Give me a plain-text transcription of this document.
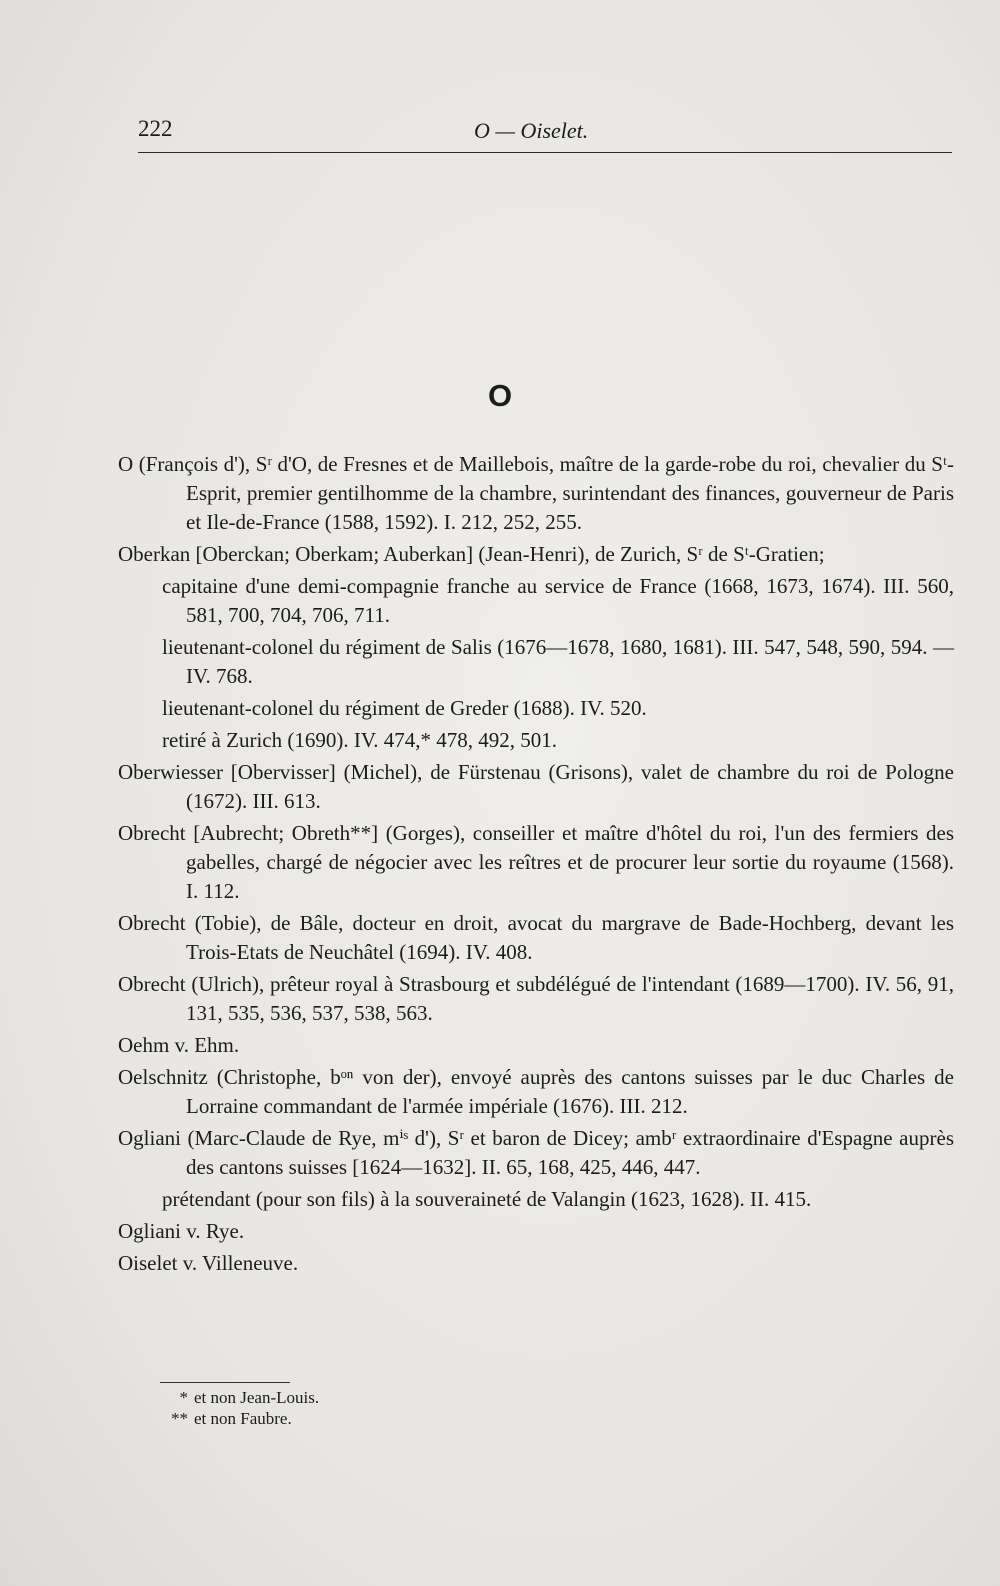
222	O — Oiselet.
O

O (François d'), Sʳ d'O, de Fresnes et de Maillebois, maître de la garde-robe du roi, chevalier du Sᵗ-Esprit, premier gentilhomme de la chambre, surintendant des finances, gouverneur de Paris et Ile-de-France (1588, 1592). I. 212, 252, 255.

Oberkan [Oberckan; Oberkam; Auberkan] (Jean-Henri), de Zurich, Sʳ de Sᵗ-Gratien;

capitaine d'une demi-compagnie franche au service de France (1668, 1673, 1674). III. 560, 581, 700, 704, 706, 711.

lieutenant-colonel du régiment de Salis (1676—1678, 1680, 1681). III. 547, 548, 590, 594. — IV. 768.

lieutenant-colonel du régiment de Greder (1688). IV. 520.

retiré à Zurich (1690). IV. 474,* 478, 492, 501.

Oberwiesser [Obervisser] (Michel), de Fürstenau (Grisons), valet de chambre du roi de Pologne (1672). III. 613.

Obrecht [Aubrecht; Obreth**] (Gorges), conseiller et maître d'hôtel du roi, l'un des fermiers des gabelles, chargé de négocier avec les reîtres et de procurer leur sortie du royaume (1568). I. 112.

Obrecht (Tobie), de Bâle, docteur en droit, avocat du margrave de Bade-Hochberg, devant les Trois-Etats de Neuchâtel (1694). IV. 408.

Obrecht (Ulrich), prêteur royal à Strasbourg et subdélégué de l'intendant (1689—1700). IV. 56, 91, 131, 535, 536, 537, 538, 563.

Oehm v. Ehm.

Oelschnitz (Christophe, bᵒⁿ von der), envoyé auprès des cantons suisses par le duc Charles de Lorraine commandant de l'armée impériale (1676). III. 212.

Ogliani (Marc-Claude de Rye, mⁱˢ d'), Sʳ et baron de Dicey; ambʳ extraordinaire d'Espagne auprès des cantons suisses [1624—1632]. II. 65, 168, 425, 446, 447.

prétendant (pour son fils) à la souveraineté de Valangin (1623, 1628). II. 415.

Ogliani v. Rye.

Oiselet v. Villeneuve.

* et non Jean-Louis.
** et non Faubre.
